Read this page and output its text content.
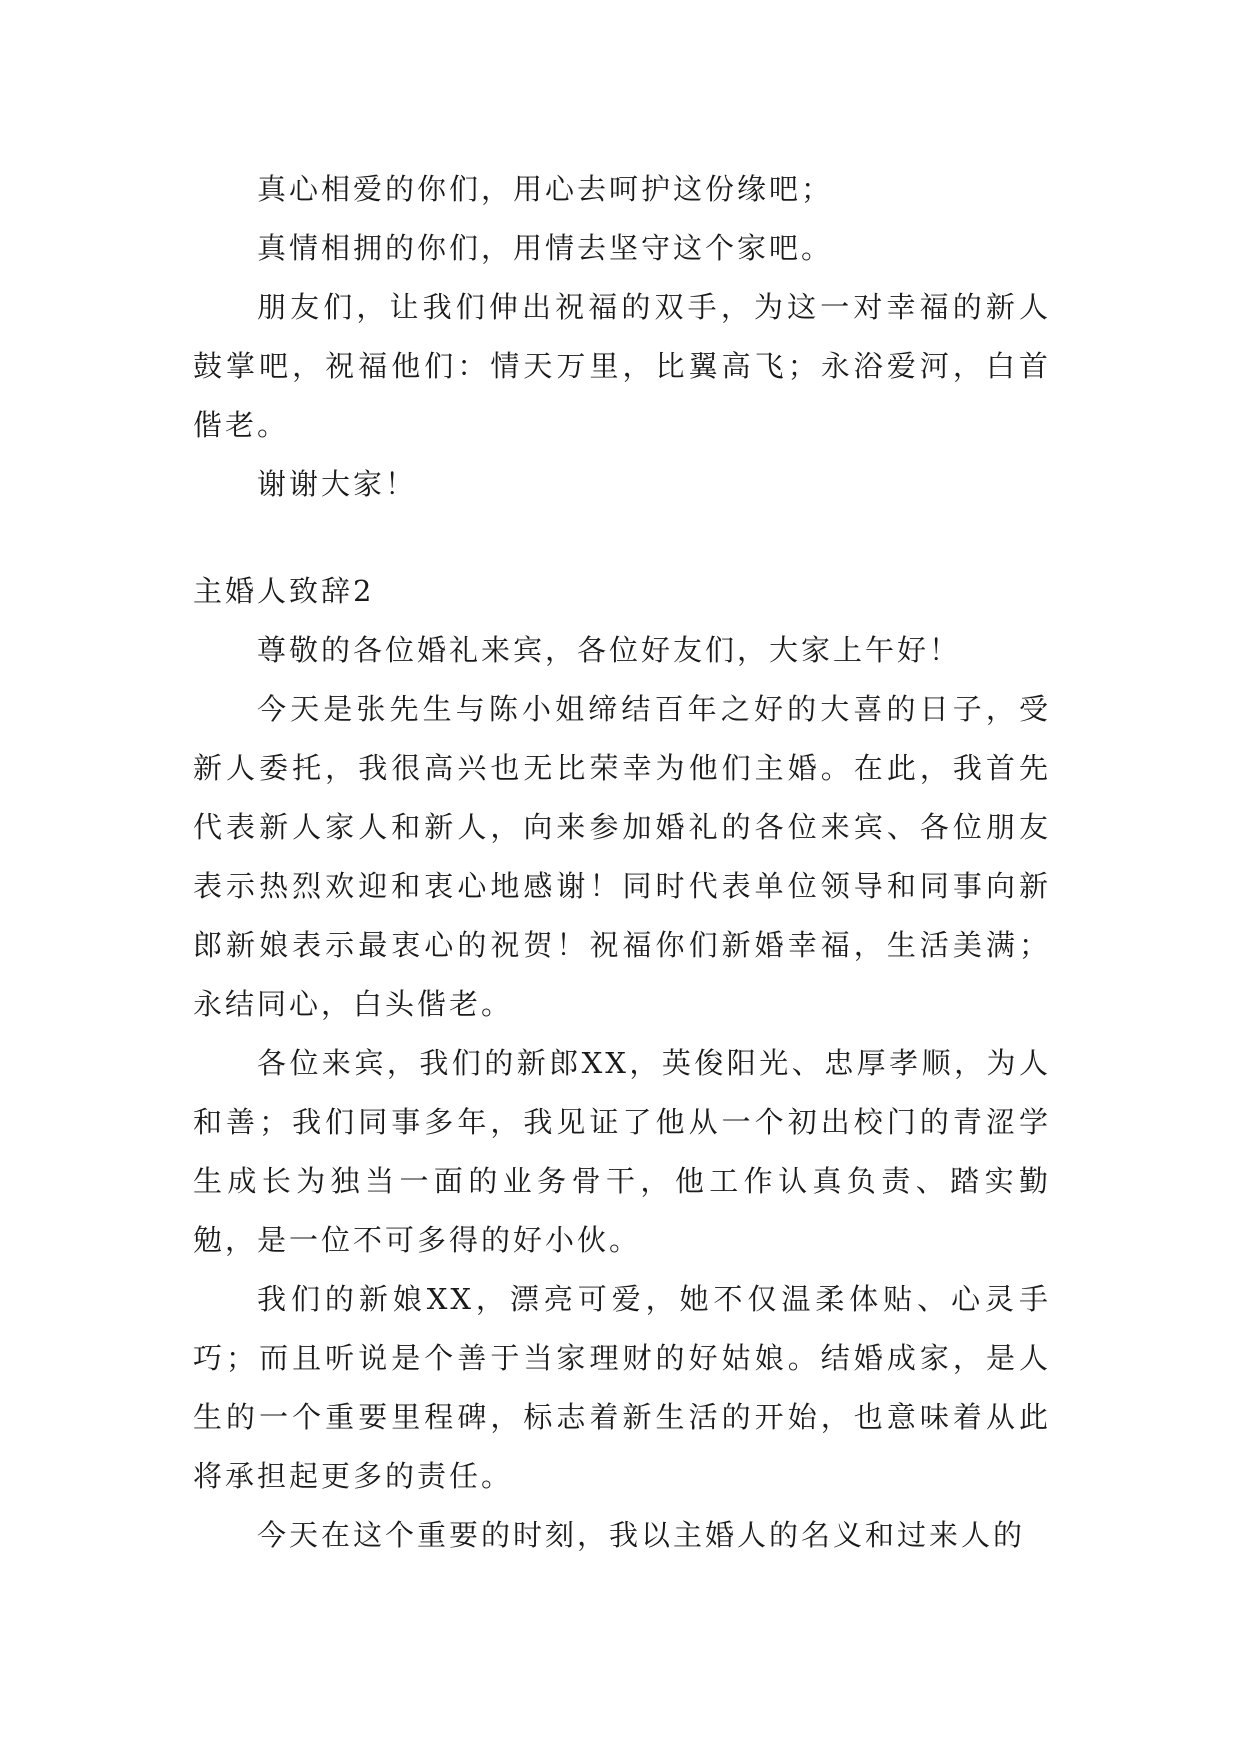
真心相爱的你们，用心去呵护这份缘吧；

真情相拥的你们，用情去坚守这个家吧。

朋友们，让我们伸出祝福的双手，为这一对幸福的新人鼓掌吧，祝福他们：情天万里，比翼高飞；永浴爱河，白首偕老。

谢谢大家！

主婚人致辞2

尊敬的各位婚礼来宾，各位好友们，大家上午好！

今天是张先生与陈小姐缔结百年之好的大喜的日子，受新人委托，我很高兴也无比荣幸为他们主婚。在此，我首先代表新人家人和新人，向来参加婚礼的各位来宾、各位朋友表示热烈欢迎和衷心地感谢！同时代表单位领导和同事向新郎新娘表示最衷心的祝贺！祝福你们新婚幸福，生活美满；永结同心，白头偕老。

各位来宾，我们的新郎XX，英俊阳光、忠厚孝顺，为人和善；我们同事多年，我见证了他从一个初出校门的青涩学生成长为独当一面的业务骨干，他工作认真负责、踏实勤勉，是一位不可多得的好小伙。

我们的新娘XX，漂亮可爱，她不仅温柔体贴、心灵手巧；而且听说是个善于当家理财的好姑娘。结婚成家，是人生的一个重要里程碑，标志着新生活的开始，也意味着从此将承担起更多的责任。

今天在这个重要的时刻，我以主婚人的名义和过来人的
